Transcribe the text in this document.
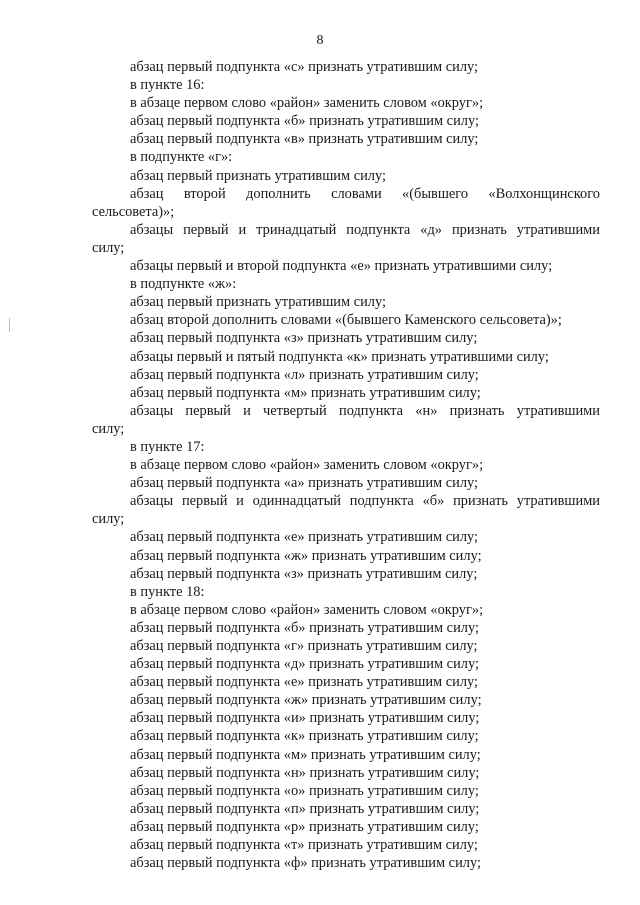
8
абзац первый подпункта «с» признать утратившим силу;
в пункте 16:
в абзаце первом слово «район» заменить словом «округ»;
абзац первый подпункта «б» признать утратившим силу;
абзац первый подпункта «в» признать утратившим силу;
в подпункте «г»:
абзац первый признать утратившим силу;
абзац второй дополнить словами «(бывшего «Волхонщинского
сельсовета)»;
абзацы первый и тринадцатый подпункта «д» признать утратившими
силу;
абзацы первый и второй подпункта «е» признать утратившими силу;
в подпункте «ж»:
абзац первый признать утратившим силу;
абзац второй дополнить словами «(бывшего Каменского сельсовета)»;
абзац первый подпункта «з» признать утратившим силу;
абзацы первый и пятый подпункта «к» признать утратившими силу;
абзац первый подпункта «л» признать утратившим силу;
абзац первый подпункта «м» признать утратившим силу;
абзацы первый и четвертый подпункта «н» признать утратившими
силу;
в пункте 17:
в абзаце первом слово «район» заменить словом «округ»;
абзац первый подпункта «а» признать утратившим силу;
абзацы первый и одиннадцатый подпункта «б» признать утратившими
силу;
абзац первый подпункта «е» признать утратившим силу;
абзац первый подпункта «ж» признать утратившим силу;
абзац первый подпункта «з» признать утратившим силу;
в пункте 18:
в абзаце первом слово «район» заменить словом «округ»;
абзац первый подпункта «б» признать утратившим силу;
абзац первый подпункта «г» признать утратившим силу;
абзац первый подпункта «д» признать утратившим силу;
абзац первый подпункта «е» признать утратившим силу;
абзац первый подпункта «ж» признать утратившим силу;
абзац первый подпункта «и» признать утратившим силу;
абзац первый подпункта «к» признать утратившим силу;
абзац первый подпункта «м» признать утратившим силу;
абзац первый подпункта «н» признать утратившим силу;
абзац первый подпункта «о» признать утратившим силу;
абзац первый подпункта «п» признать утратившим силу;
абзац первый подпункта «р» признать утратившим силу;
абзац первый подпункта «т» признать утратившим силу;
абзац первый подпункта «ф» признать утратившим силу;
